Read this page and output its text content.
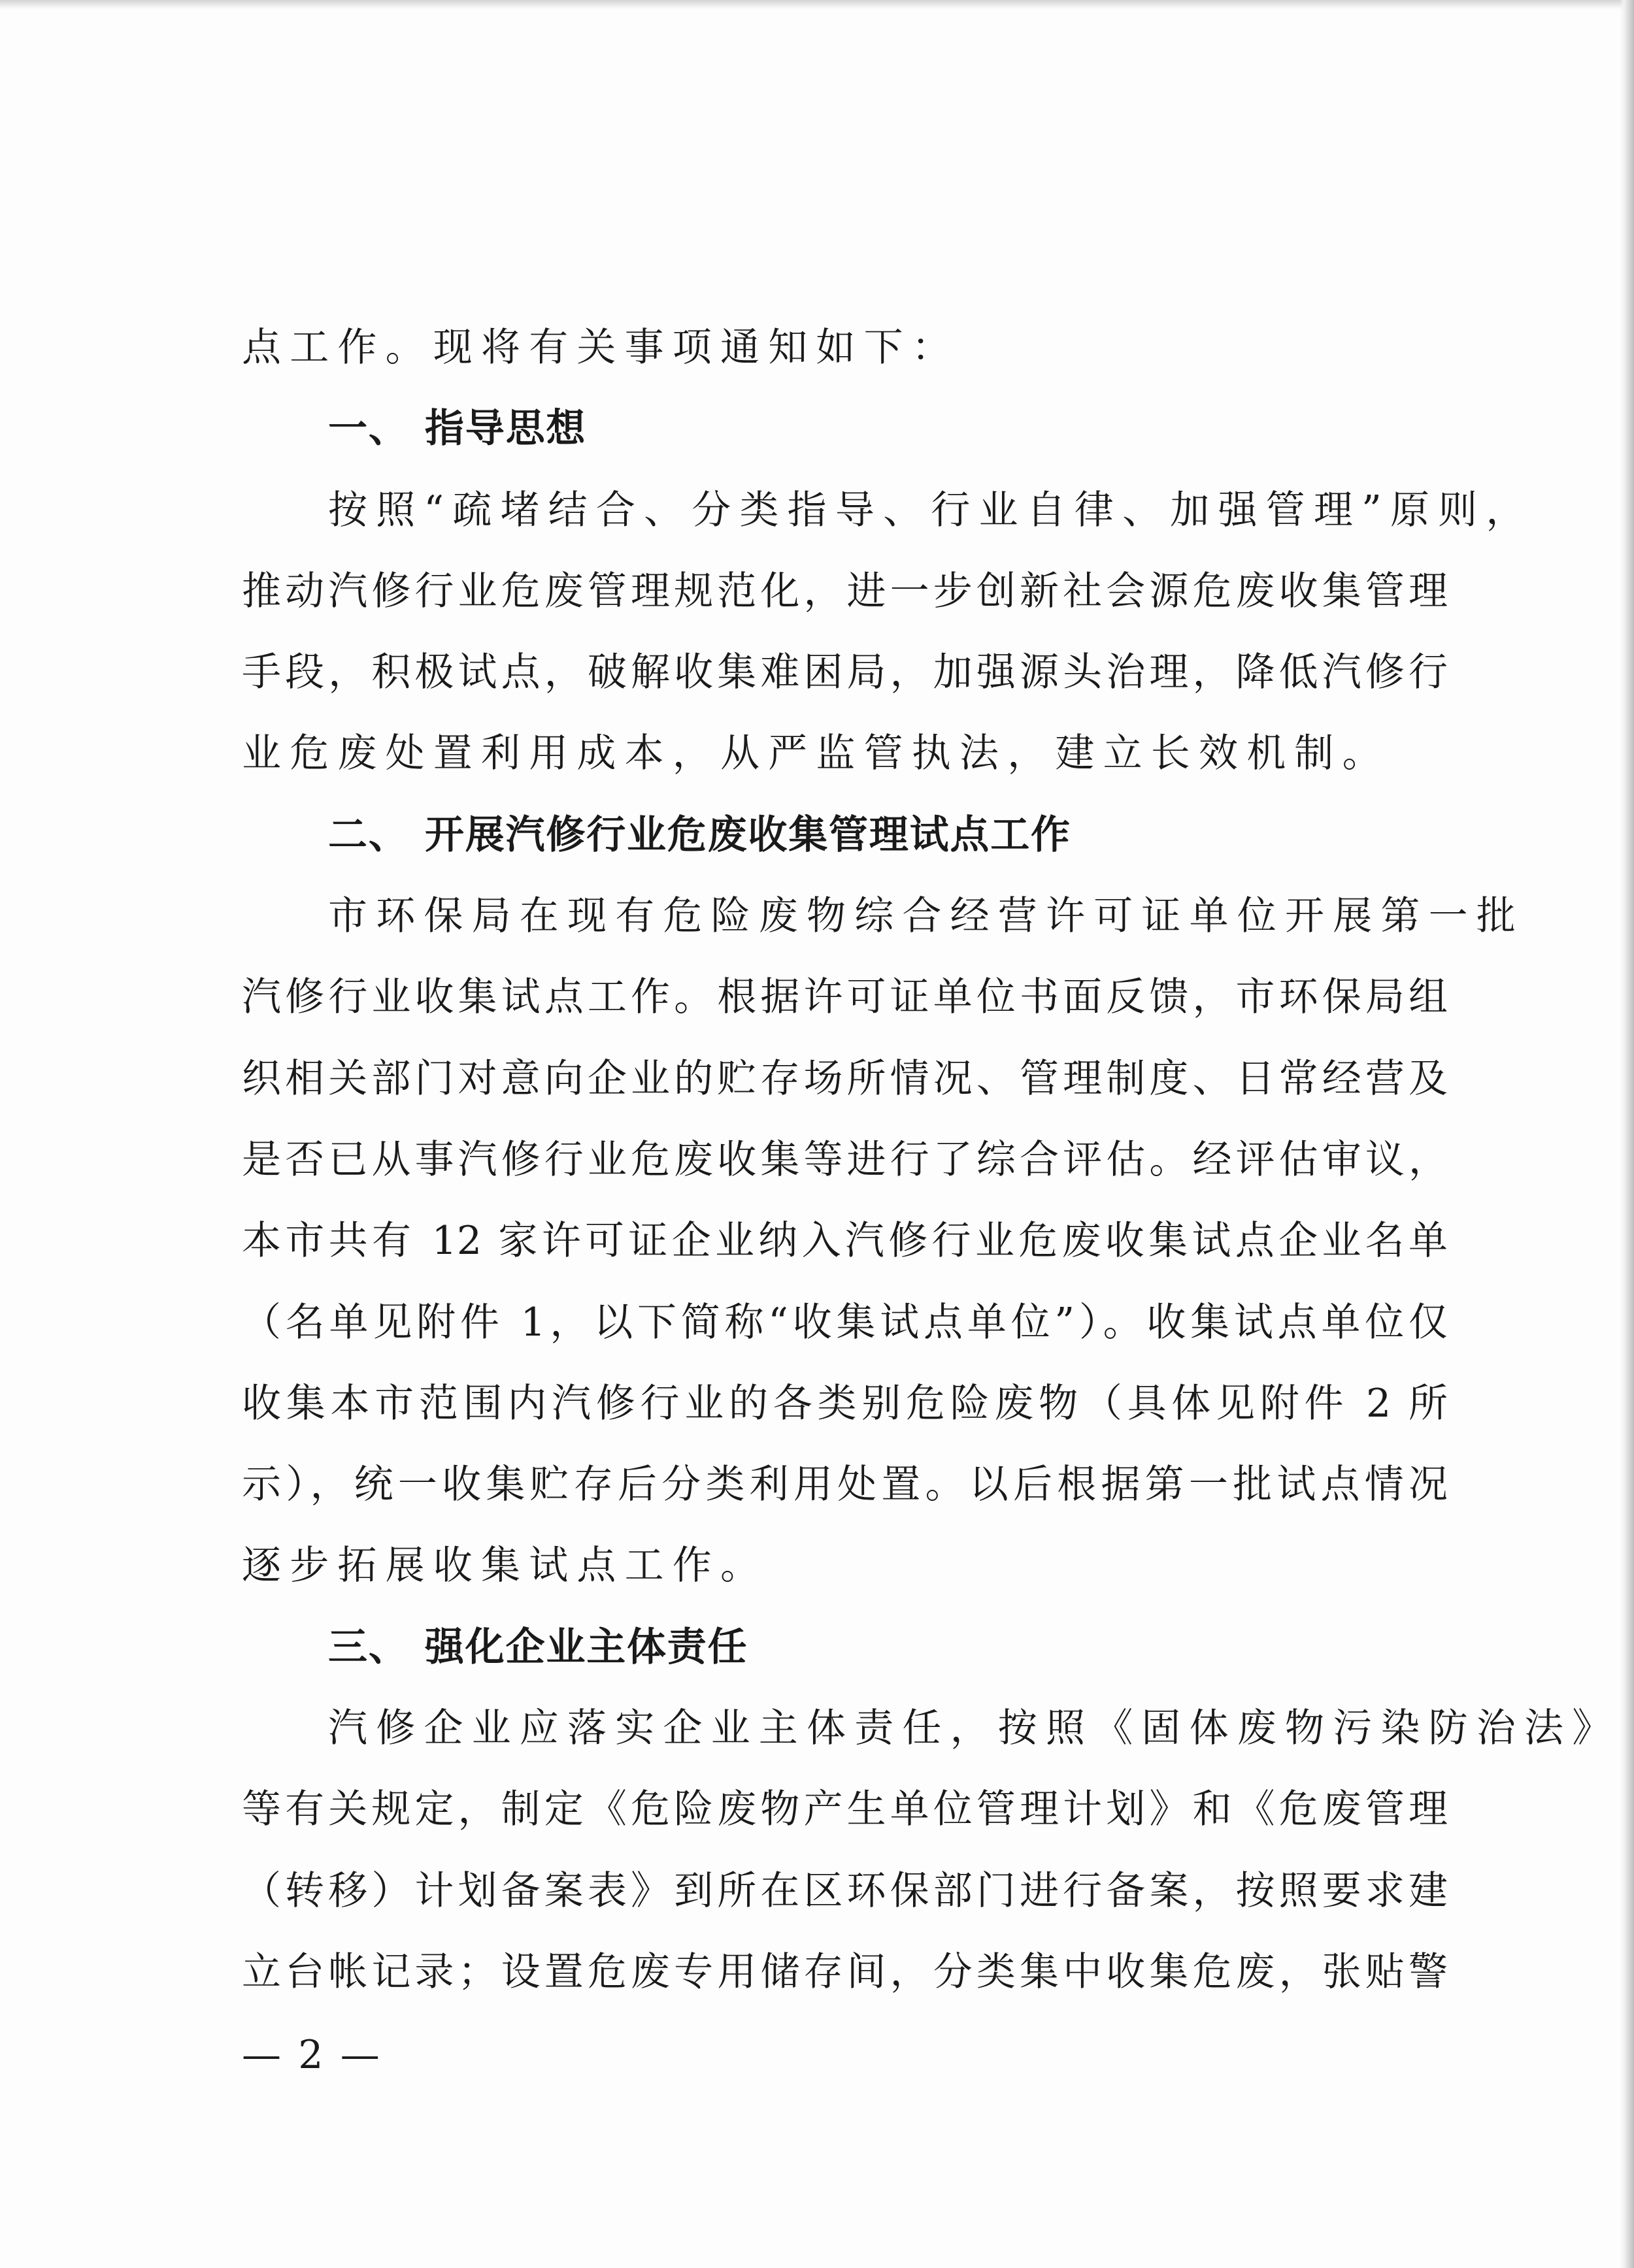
点工作。现将有关事项通知如下：
一、 指导思想
按照“疏堵结合、分类指导、行业自律、加强管理”原则，
推动汽修行业危废管理规范化，进一步创新社会源危废收集管理
手段，积极试点，破解收集难困局，加强源头治理，降低汽修行
业危废处置利用成本，从严监管执法，建立长效机制。
二、 开展汽修行业危废收集管理试点工作
市环保局在现有危险废物综合经营许可证单位开展第一批
汽修行业收集试点工作。根据许可证单位书面反馈，市环保局组
织相关部门对意向企业的贮存场所情况、管理制度、日常经营及
是否已从事汽修行业危废收集等进行了综合评估。经评估审议，
本市共有 12 家许可证企业纳入汽修行业危废收集试点企业名单
（名单见附件 1，以下简称“收集试点单位”）。收集试点单位仅
收集本市范围内汽修行业的各类别危险废物（具体见附件 2 所
示），统一收集贮存后分类利用处置。以后根据第一批试点情况
逐步拓展收集试点工作。
三、 强化企业主体责任
汽修企业应落实企业主体责任，按照《固体废物污染防治法》
等有关规定，制定《危险废物产生单位管理计划》和《危废管理
（转移）计划备案表》到所在区环保部门进行备案，按照要求建
立台帐记录；设置危废专用储存间，分类集中收集危废，张贴警
— 2 —
